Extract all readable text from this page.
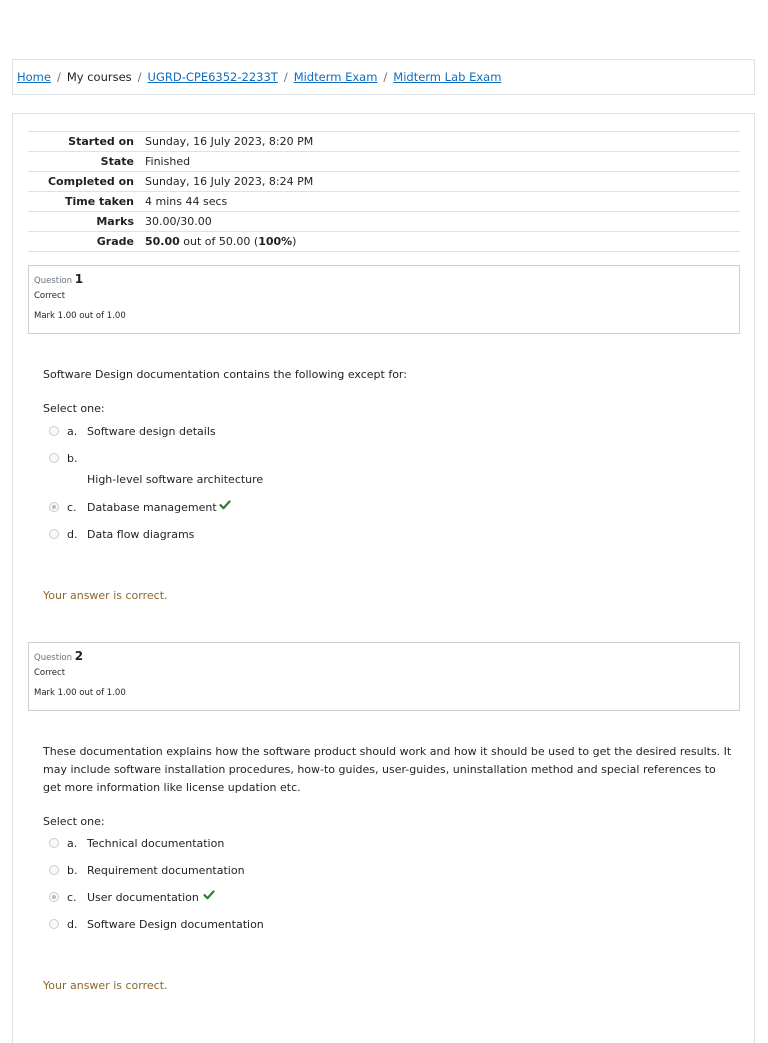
Home / My courses / UGRD-CPE6352-2233T / Midterm Exam / Midterm Lab Exam
Started on	Sunday, 16 July 2023, 8:20 PM
State	Finished
Completed on	Sunday, 16 July 2023, 8:24 PM
Time taken	4 mins 44 secs
Marks	30.00/30.00
Grade	50.00 out of 50.00 (100%)
Question 1
Correct
Mark 1.00 out of 1.00
Software Design documentation contains the following except for:
Select one:
a. Software design details
b.
High-level software architecture
c. Database management
d. Data flow diagrams
Your answer is correct.
Question 2
Correct
Mark 1.00 out of 1.00
These documentation explains how the software product should work and how it should be used to get the desired results. It may include software installation procedures, how-to guides, user-guides, uninstallation method and special references to get more information like license updation etc.
Select one:
a. Technical documentation
b. Requirement documentation
c. User documentation
d. Software Design documentation
Your answer is correct.
